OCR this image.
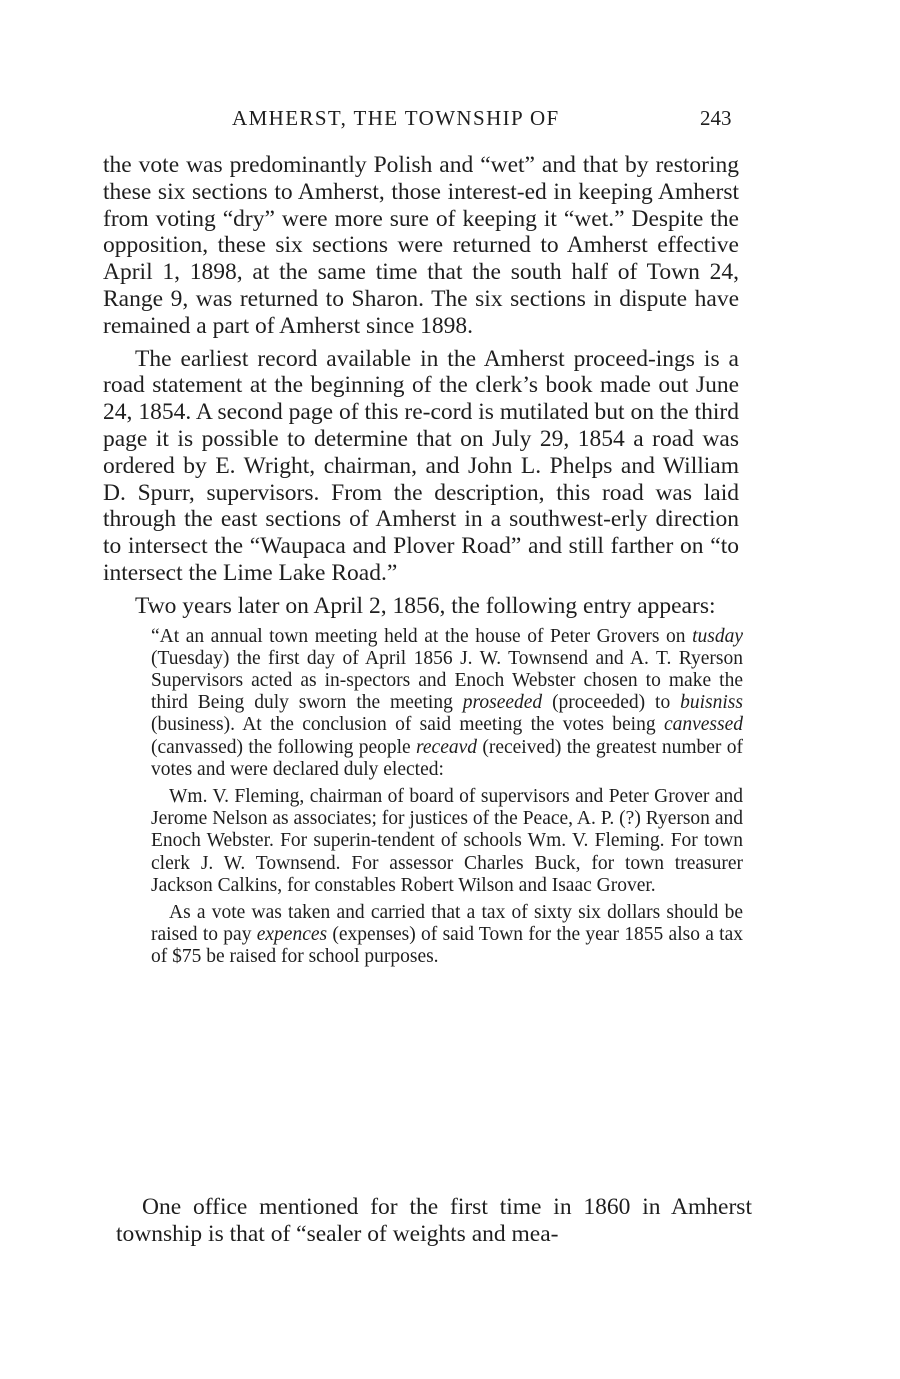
AMHERST, THE TOWNSHIP OF	243

the vote was predominantly Polish and “wet” and that by restoring these six sections to Amherst, those interest-ed in keeping Amherst from voting “dry” were more sure of keeping it “wet.” Despite the opposition, these six sections were returned to Amherst effective April 1, 1898, at the same time that the south half of Town 24, Range 9, was returned to Sharon. The six sections in dispute have remained a part of Amherst since 1898.

The earliest record available in the Amherst proceed-ings is a road statement at the beginning of the clerk’s book made out June 24, 1854. A second page of this re-cord is mutilated but on the third page it is possible to determine that on July 29, 1854 a road was ordered by E. Wright, chairman, and John L. Phelps and William D. Spurr, supervisors. From the description, this road was laid through the east sections of Amherst in a southwest-erly direction to intersect the “Waupaca and Plover Road” and still farther on “to intersect the Lime Lake Road.”

Two years later on April 2, 1856, the following entry appears:

“At an annual town meeting held at the house of Peter Grovers on tusday (Tuesday) the first day of April 1856 J. W. Townsend and A. T. Ryerson Supervisors acted as in-spectors and Enoch Webster chosen to make the third Being duly sworn the meeting proseeded (proceeded) to buisniss (business). At the conclusion of said meeting the votes being canvessed (canvassed) the following people receavd (received) the greatest number of votes and were declared duly elected:

Wm. V. Fleming, chairman of board of supervisors and Peter Grover and Jerome Nelson as associates; for justices of the Peace, A. P. (?) Ryerson and Enoch Webster. For superin-tendent of schools Wm. V. Fleming. For town clerk J. W. Townsend. For assessor Charles Buck, for town treasurer Jackson Calkins, for constables Robert Wilson and Isaac Grover.

As a vote was taken and carried that a tax of sixty six dollars should be raised to pay expences (expenses) of said Town for the year 1855 also a tax of $75 be raised for school purposes.

One office mentioned for the first time in 1860 in Amherst township is that of “sealer of weights and mea-
